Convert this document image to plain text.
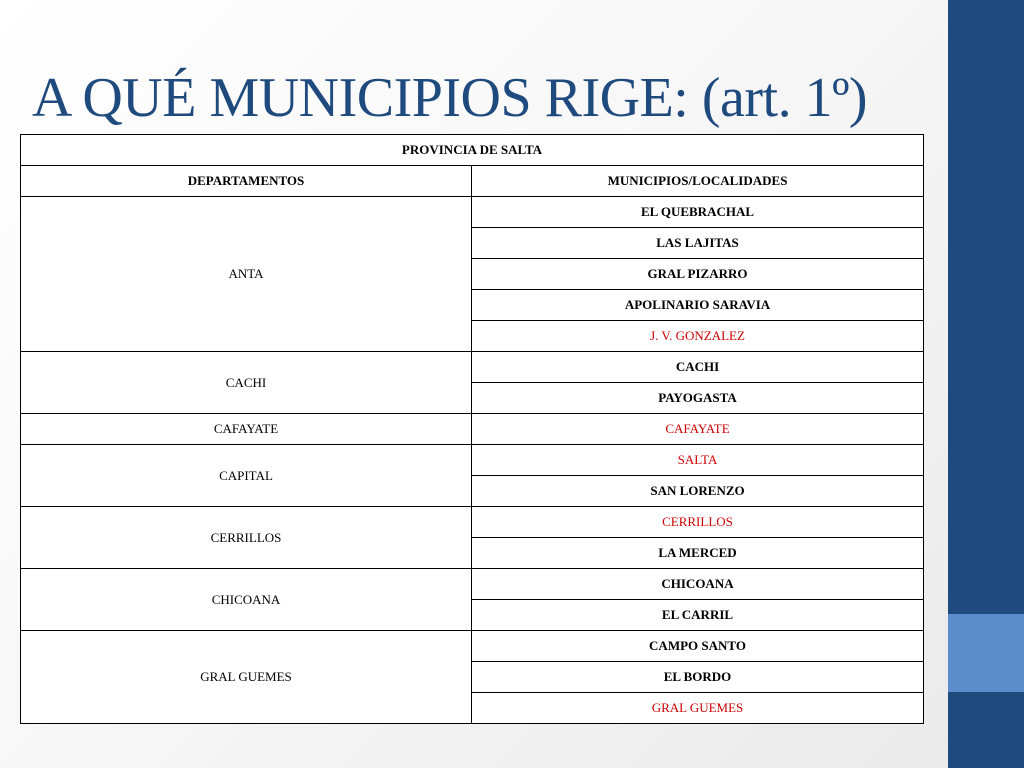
A QUÉ MUNICIPIOS RIGE: (art. 1º)
PROVINCIA DE SALTA	
DEPARTAMENTOS	MUNICIPIOS/LOCALIDADES
ANTA	EL QUEBRACHAL
	LAS LAJITAS
	GRAL PIZARRO
	APOLINARIO SARAVIA
	J. V. GONZALEZ
CACHI	CACHI
	PAYOGASTA
CAFAYATE	CAFAYATE
CAPITAL	SALTA
	SAN LORENZO
CERRILLOS	CERRILLOS
	LA MERCED
CHICOANA	CHICOANA
	EL CARRIL
GRAL GUEMES	CAMPO SANTO
	EL BORDO
	GRAL GUEMES
